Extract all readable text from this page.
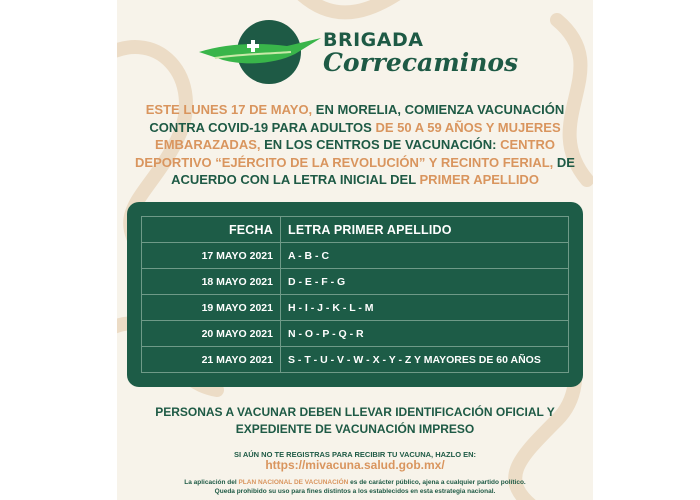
BRIGADA
Correcaminos
ESTE LUNES 17 DE MAYO, EN MORELIA, COMIENZA VACUNACIÓN CONTRA COVID-19 PARA ADULTOS DE 50 A 59 AÑOS Y MUJERES EMBARAZADAS, EN LOS CENTROS DE VACUNACIÓN: CENTRO DEPORTIVO “EJÉRCITO DE LA REVOLUCIÓN” Y RECINTO FERIAL, DE ACUERDO CON LA LETRA INICIAL DEL PRIMER APELLIDO
FECHA	LETRA PRIMER APELLIDO
17 MAYO 2021	A - B - C
18 MAYO 2021	D - E - F - G
19 MAYO 2021	H - I - J - K - L - M
20 MAYO 2021	N - O - P - Q - R
21 MAYO 2021	S - T - U - V - W - X - Y - Z Y MAYORES DE 60 AÑOS
PERSONAS A VACUNAR DEBEN LLEVAR IDENTIFICACIÓN OFICIAL Y EXPEDIENTE DE VACUNACIÓN IMPRESO
SI AÚN NO TE REGISTRAS PARA RECIBIR TU VACUNA, HAZLO EN:
https://mivacuna.salud.gob.mx/
La aplicación del PLAN NACIONAL DE VACUNACIÓN es de carácter público, ajena a cualquier partido político.
Queda prohibido su uso para fines distintos a los establecidos en esta estrategia nacional.
